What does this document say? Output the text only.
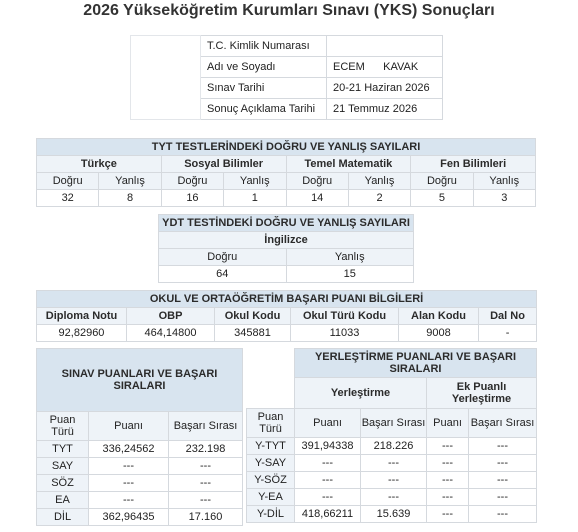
2026 Yükseköğretim Kurumları Sınavı (YKS) Sonuçları
	T.C. Kimlik Numarası	
	Adı ve Soyadı	ECEM      KAVAK
	Sınav Tarihi	20-21 Haziran 2026
	Sonuç Açıklama Tarihi	21 Temmuz 2026
TYT TESTLERİNDEKİ DOĞRU VE YANLIŞ SAYILARI							
Türkçe		Sosyal Bilimler		Temel Matematik		Fen Bilimleri	
Doğru	Yanlış	Doğru	Yanlış	Doğru	Yanlış	Doğru	Yanlış
32	8	16	1	14	2	5	3
YDT TESTİNDEKİ DOĞRU VE YANLIŞ SAYILARI	
İngilizce	
Doğru	Yanlış
64	15
OKUL VE ORTAÖĞRETİM BAŞARI PUANI BİLGİLERİ					
Diploma Notu	OBP	Okul Kodu	Okul Türü Kodu	Alan Kodu	Dal No
92,82960	464,14800	345881	11033	9008	-
SINAV PUANLARI VE BAŞARI SIRALARI		
Puan Türü	Puanı	Başarı Sırası
TYT	336,24562	232.198
SAY	---	---
SÖZ	---	---
EA	---	---
DİL	362,96435	17.160
	YERLEŞTİRME PUANLARI VE BAŞARI SIRALARI			
	Yerleştirme		Ek Puanlı Yerleştirme	
Puan Türü	Puanı	Başarı Sırası	Puanı	Başarı Sırası
Y-TYT	391,94338	218.226	---	---
Y-SAY	---	---	---	---
Y-SÖZ	---	---	---	---
Y-EA	---	---	---	---
Y-DİL	418,66211	15.639	---	---
